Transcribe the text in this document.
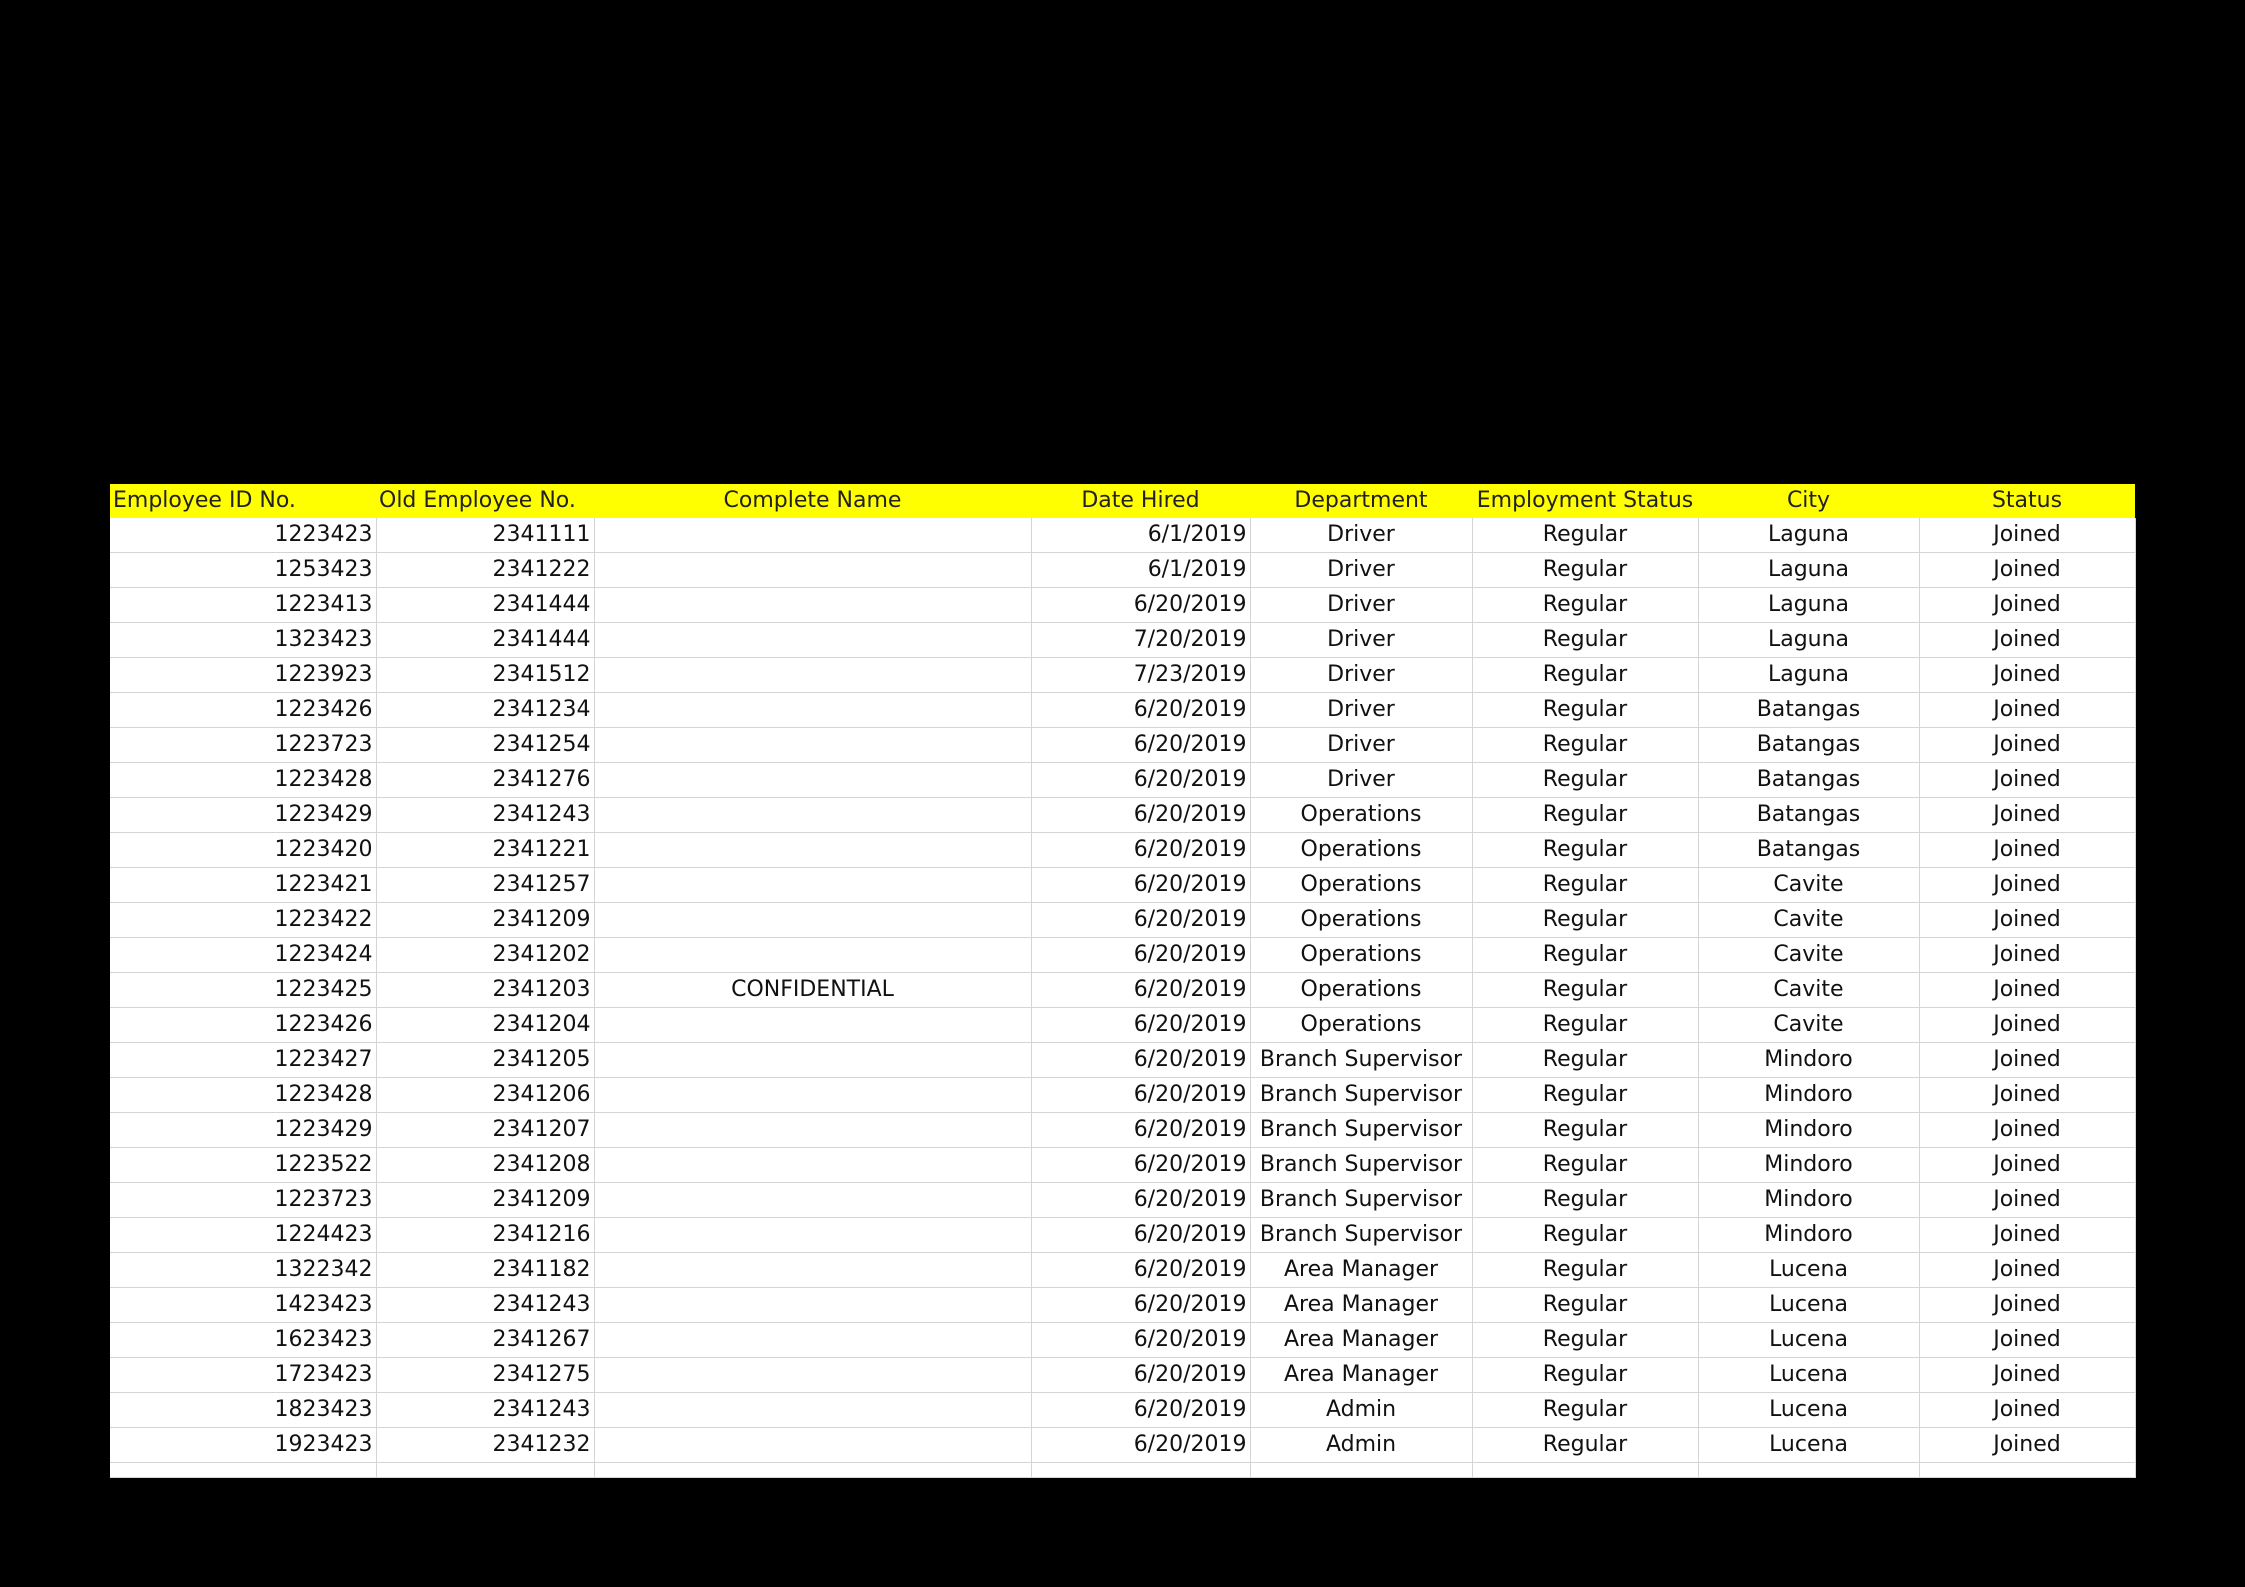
Employee ID No.	Old Employee No.	Complete Name	Date Hired	Department	Employment Status	City	Status
1223423	2341111		6/1/2019	Driver	Regular	Laguna	Joined
1253423	2341222		6/1/2019	Driver	Regular	Laguna	Joined
1223413	2341444		6/20/2019	Driver	Regular	Laguna	Joined
1323423	2341444		7/20/2019	Driver	Regular	Laguna	Joined
1223923	2341512		7/23/2019	Driver	Regular	Laguna	Joined
1223426	2341234		6/20/2019	Driver	Regular	Batangas	Joined
1223723	2341254		6/20/2019	Driver	Regular	Batangas	Joined
1223428	2341276		6/20/2019	Driver	Regular	Batangas	Joined
1223429	2341243		6/20/2019	Operations	Regular	Batangas	Joined
1223420	2341221		6/20/2019	Operations	Regular	Batangas	Joined
1223421	2341257		6/20/2019	Operations	Regular	Cavite	Joined
1223422	2341209		6/20/2019	Operations	Regular	Cavite	Joined
1223424	2341202		6/20/2019	Operations	Regular	Cavite	Joined
1223425	2341203	CONFIDENTIAL	6/20/2019	Operations	Regular	Cavite	Joined
1223426	2341204		6/20/2019	Operations	Regular	Cavite	Joined
1223427	2341205		6/20/2019	Branch Supervisor	Regular	Mindoro	Joined
1223428	2341206		6/20/2019	Branch Supervisor	Regular	Mindoro	Joined
1223429	2341207		6/20/2019	Branch Supervisor	Regular	Mindoro	Joined
1223522	2341208		6/20/2019	Branch Supervisor	Regular	Mindoro	Joined
1223723	2341209		6/20/2019	Branch Supervisor	Regular	Mindoro	Joined
1224423	2341216		6/20/2019	Branch Supervisor	Regular	Mindoro	Joined
1322342	2341182		6/20/2019	Area Manager	Regular	Lucena	Joined
1423423	2341243		6/20/2019	Area Manager	Regular	Lucena	Joined
1623423	2341267		6/20/2019	Area Manager	Regular	Lucena	Joined
1723423	2341275		6/20/2019	Area Manager	Regular	Lucena	Joined
1823423	2341243		6/20/2019	Admin	Regular	Lucena	Joined
1923423	2341232		6/20/2019	Admin	Regular	Lucena	Joined
